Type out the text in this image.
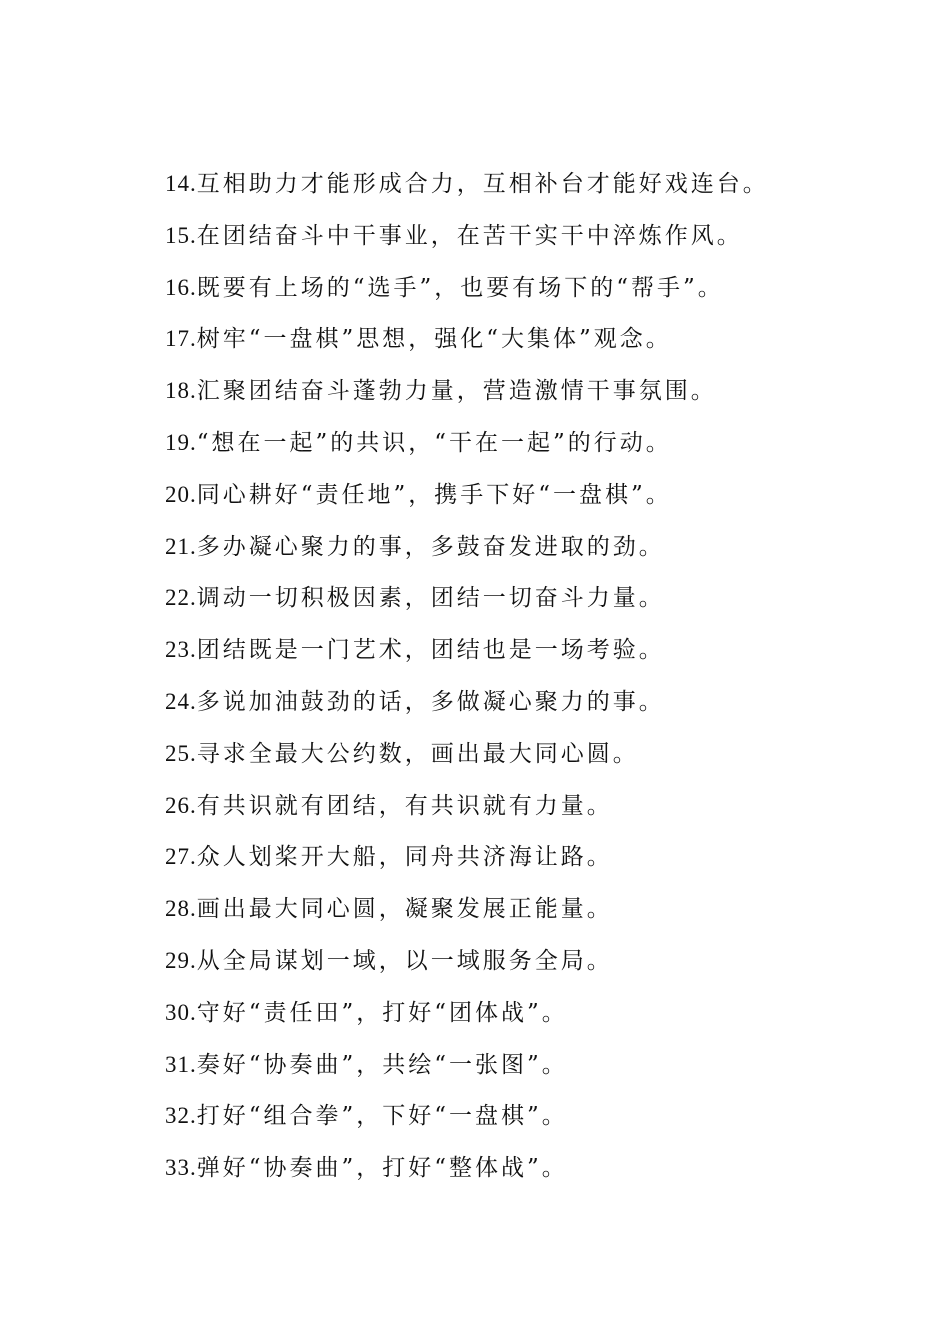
14.互相助力才能形成合力，互相补台才能好戏连台。
15.在团结奋斗中干事业，在苦干实干中淬炼作风。
16.既要有上场的“选手”，也要有场下的“帮手”。
17.树牢“一盘棋”思想，强化“大集体”观念。
18.汇聚团结奋斗蓬勃力量，营造激情干事氛围。
19.“想在一起”的共识，“干在一起”的行动。
20.同心耕好“责任地”，携手下好“一盘棋”。
21.多办凝心聚力的事，多鼓奋发进取的劲。
22.调动一切积极因素，团结一切奋斗力量。
23.团结既是一门艺术，团结也是一场考验。
24.多说加油鼓劲的话，多做凝心聚力的事。
25.寻求全最大公约数，画出最大同心圆。
26.有共识就有团结，有共识就有力量。
27.众人划桨开大船，同舟共济海让路。
28.画出最大同心圆，凝聚发展正能量。
29.从全局谋划一域，以一域服务全局。
30.守好“责任田”，打好“团体战”。
31.奏好“协奏曲”，共绘“一张图”。
32.打好“组合拳”，下好“一盘棋”。
33.弹好“协奏曲”，打好“整体战”。
